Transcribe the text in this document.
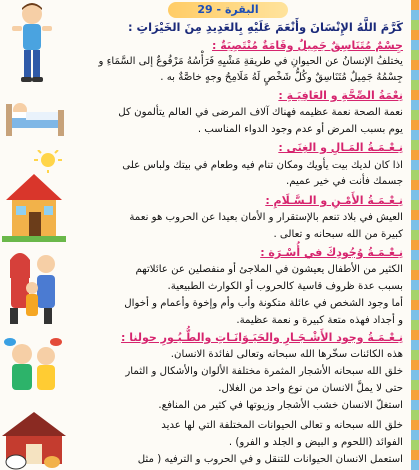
البقرة - 29
كَرَّمَ اللَّهُ الإِنْسَانَ وأَنْعَمَ عَلَيْهِ بِالعَدِيدِ مِنَ الخَيْرَاتِ :
جِسْمٌ مُتَنَاسِقٌ جَمِيلٌ وقَامَةٌ مُنْتَصِبَةٌ :
يختلفُ الإنسانُ عن الحيوانِ في طريقةِ مَشْيِهِ فَرَأْسُهُ مَرْفُوعٌ إلى السَّمَاءِ و
جِسْمُهُ جَمِيلٌ مُتَنَاسِقٌ وكُلُّ شَخْصٍ لَهُ مَلَامِحُ وجهٍ خاصَّةٌ به .
نِعْمَةُ الصِّحَّةِ و العَافِيَـةِ :
نعمة الصحة نعمة عظيمه فهناك آلاف المرضى في العالم يتألمون كل
يوم بسبب المرض أو عدم وجود الدواء المناسب .
نِـعْـمَـةُ المَـالِ و الغِنَى :
اذا كان لديك بيت يأويك ومكان تنام فيه وطعام في بيتك ولباس على
جسمك فأنت في خير عميم.
نِـعْـمَـةُ الأَمْـنِ و الـسَّـلَامِ :
العيش في بلاد تنعم بالإستقرار و الأمان بعيدا عن الحروب هو نعمة
كبيرة من الله سبحانه و تعالى .
نِـعْـمَـةُ وُجُودِكَ في أُسْـرَة :
الكثير من الأطفال يعيشون في الملاجئ أو منفصلين عن عائلاتهم
بسبب عدة ظروف قاسية كالحروب أو الكوارث الطبيعية.
أما وجود الشخص في عائلة متكونة وأب وأم وإخوة وأعمام و أخوال
و أجداد فهذه متعة كبيرة و نعمة عظيمة.
نِـعْـمَـةُ وجود الأَشْـجَـارِ والحَيَـوَانَـاتِ والطُّـيُـورِ حولنا :
هذه الكائنات سخّرها الله سبحانه وتعالى لفائدة الانسان.
خلق الله سبحانه الأشجار المثمرة مختلفة الألوان والأشكال و الثمار
حتى لا يملَّ الانسان من نوع واحد من الغلال.
استغلّ الانسان خشب الأشجار وزيوتها في كثير من المنافع.
خلق الله سبحانه و تعالى الحيوانات المختلفة التي لها عديد
الفوائد (اللحوم و البيض و الجلد و الفرو) .
استعمل الانسان الحيوانات للتنقل و في الحروب و الترفيه ( مثل
